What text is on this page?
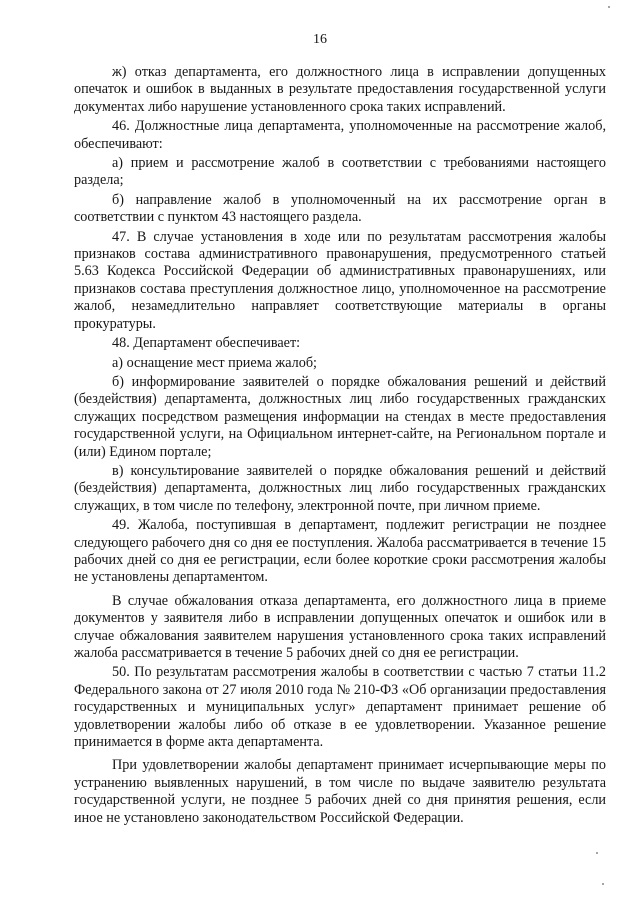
16

ж) отказ департамента, его должностного лица в исправлении допущенных опечаток и ошибок в выданных в результате предоставления государственной услуги документах либо нарушение установленного срока таких исправлений.

46. Должностные лица департамента, уполномоченные на рассмотрение жалоб, обеспечивают:

а) прием и рассмотрение жалоб в соответствии с требованиями настоящего раздела;

б) направление жалоб в уполномоченный на их рассмотрение орган в соответствии с пунктом 43 настоящего раздела.

47. В случае установления в ходе или по результатам рассмотрения жалобы признаков состава административного правонарушения, предусмотренного статьей 5.63 Кодекса Российской Федерации об административных правонарушениях, или признаков состава преступления должностное лицо, уполномоченное на рассмотрение жалоб, незамедлительно направляет соответствующие материалы в органы прокуратуры.

48. Департамент обеспечивает:

а) оснащение мест приема жалоб;

б) информирование заявителей о порядке обжалования решений и действий (бездействия) департамента, должностных лиц либо государственных гражданских служащих посредством размещения информации на стендах в месте предоставления государственной услуги, на Официальном интернет-сайте, на Региональном портале и (или) Едином портале;

в) консультирование заявителей о порядке обжалования решений и действий (бездействия) департамента, должностных лиц либо государственных гражданских служащих, в том числе по телефону, электронной почте, при личном приеме.

49. Жалоба, поступившая в департамент, подлежит регистрации не позднее следующего рабочего дня со дня ее поступления. Жалоба рассматривается в течение 15 рабочих дней со дня ее регистрации, если более короткие сроки рассмотрения жалобы не установлены департаментом.

В случае обжалования отказа департамента, его должностного лица в приеме документов у заявителя либо в исправлении допущенных опечаток и ошибок или в случае обжалования заявителем нарушения установленного срока таких исправлений жалоба рассматривается в течение 5 рабочих дней со дня ее регистрации.

50. По результатам рассмотрения жалобы в соответствии с частью 7 статьи 11.2 Федерального закона от 27 июля 2010 года № 210-ФЗ «Об организации предоставления государственных и муниципальных услуг» департамент принимает решение об удовлетворении жалобы либо об отказе в ее удовлетворении. Указанное решение принимается в форме акта департамента.

При удовлетворении жалобы департамент принимает исчерпывающие меры по устранению выявленных нарушений, в том числе по выдаче заявителю результата государственной услуги, не позднее 5 рабочих дней со дня принятия решения, если иное не установлено законодательством Российской Федерации.
